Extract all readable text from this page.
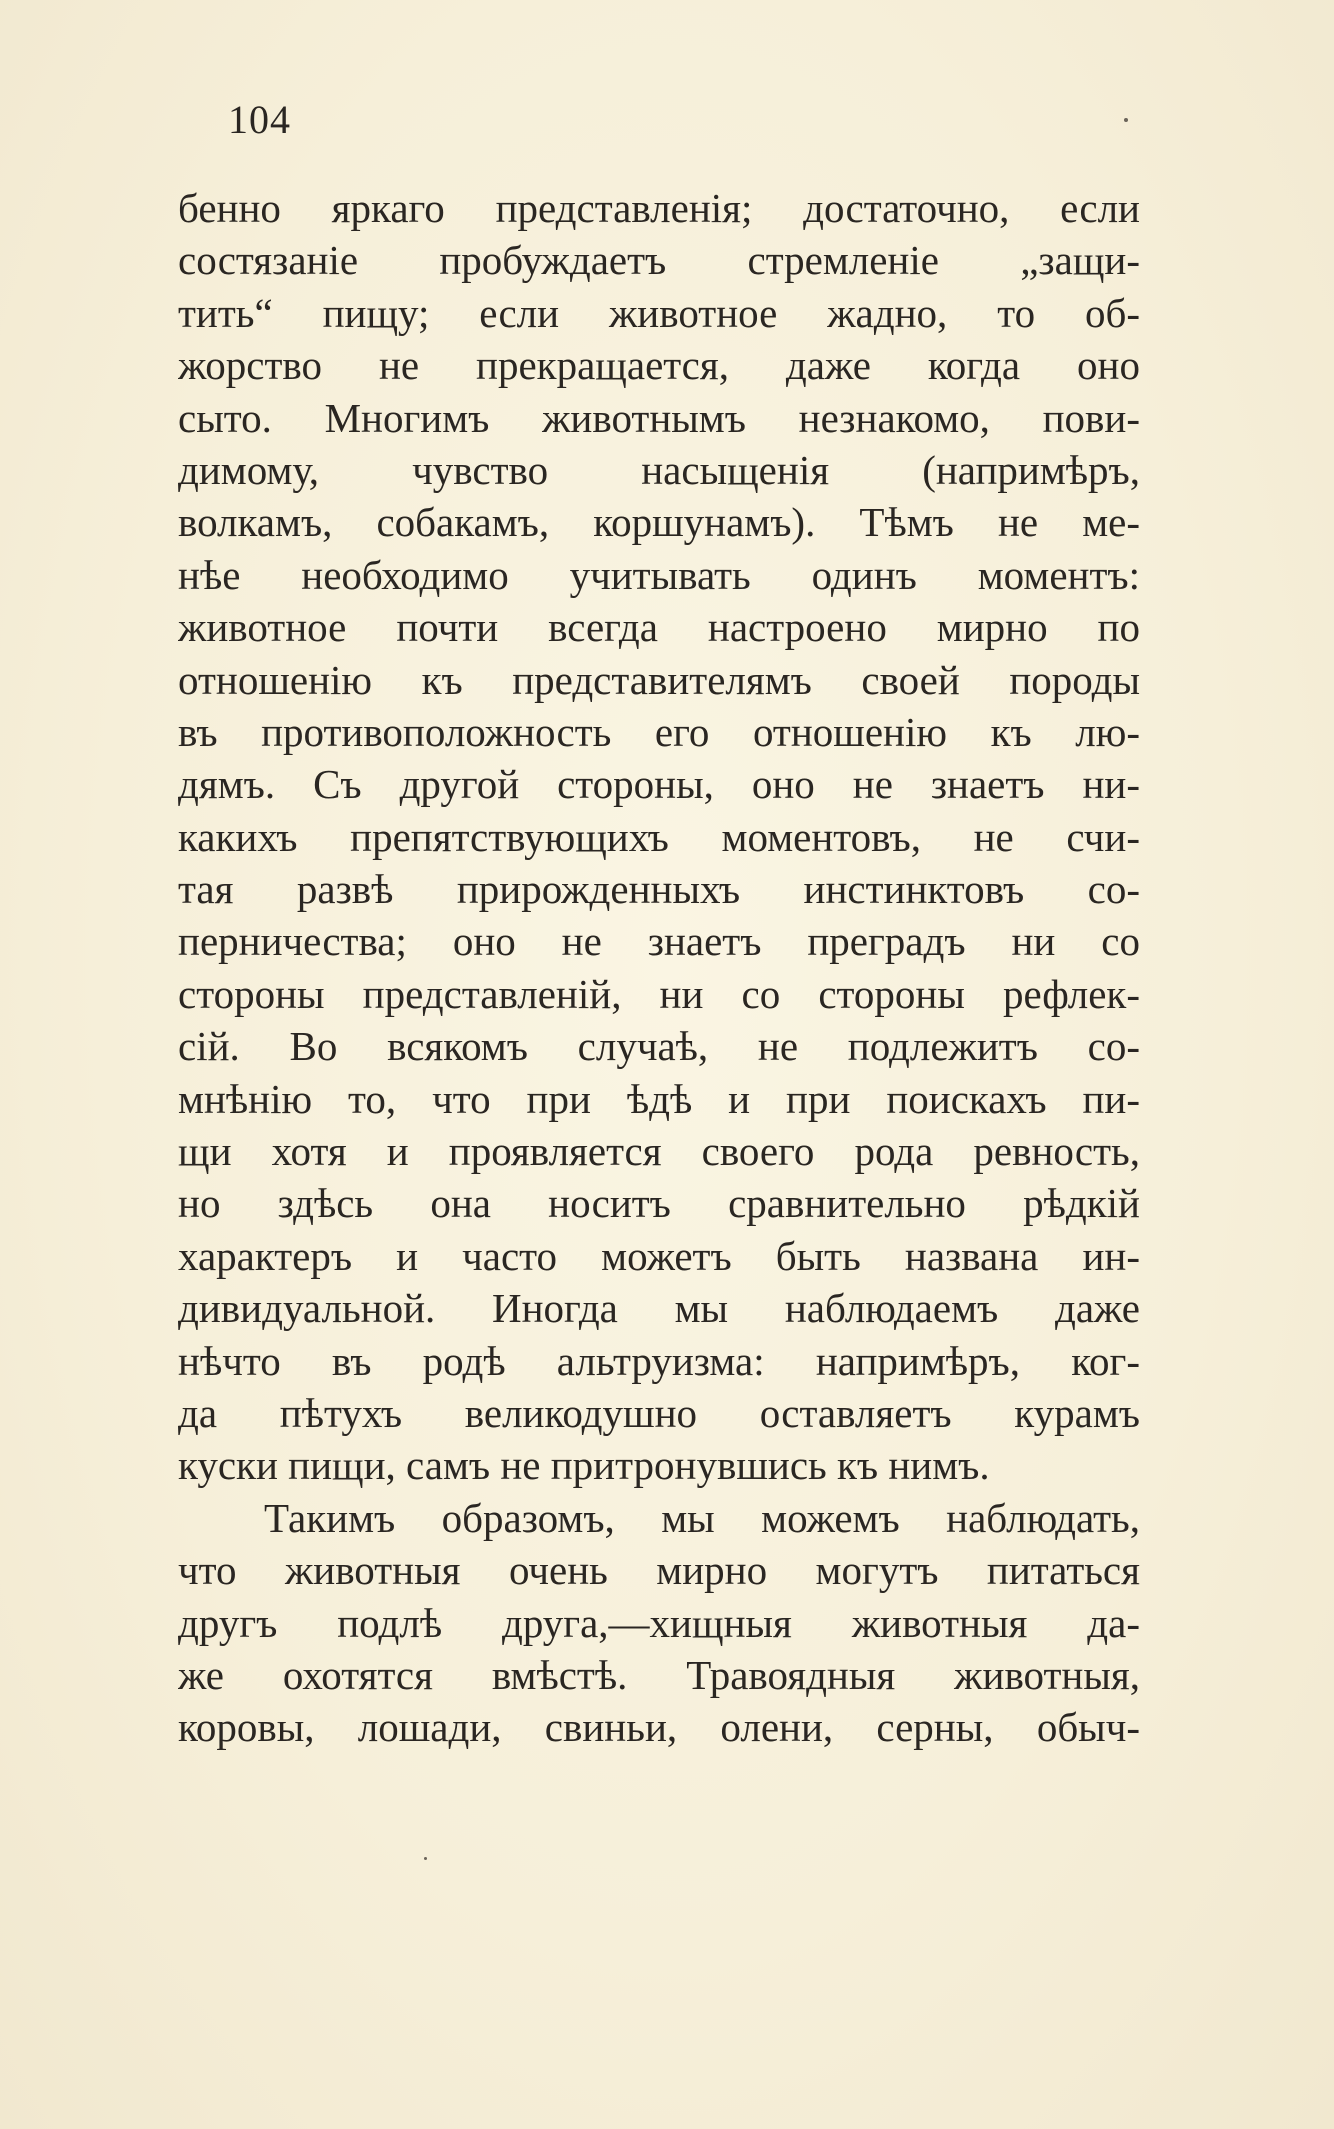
104
бенно яркаго представленія; достаточно, если
состязаніе пробуждаетъ стремленіе „защи-
тить“ пищу; если животное жадно, то об-
жорство не прекращается, даже когда оно
сыто. Многимъ животнымъ незнакомо, пови-
димому, чувство насыщенія (напримѣръ,
волкамъ, собакамъ, коршунамъ). Тѣмъ не ме-
нѣе необходимо учитывать одинъ моментъ:
животное почти всегда настроено мирно по
отношенію къ представителямъ своей породы
въ противоположность его отношенію къ лю-
дямъ. Съ другой стороны, оно не знаетъ ни-
какихъ препятствующихъ моментовъ, не счи-
тая развѣ прирожденныхъ инстинктовъ со-
перничества; оно не знаетъ преградъ ни со
стороны представленій, ни со стороны рефлек-
сій. Во всякомъ случаѣ, не подлежитъ со-
мнѣнію то, что при ѣдѣ и при поискахъ пи-
щи хотя и проявляется своего рода ревность,
но здѣсь она носитъ сравнительно рѣдкій
характеръ и часто можетъ быть названа ин-
дивидуальной. Иногда мы наблюдаемъ даже
нѣчто въ родѣ альтруизма: напримѣръ, ког-
да пѣтухъ великодушно оставляетъ курамъ
куски пищи, самъ не притронувшись къ нимъ.
Такимъ образомъ, мы можемъ наблюдать,
что животныя очень мирно могутъ питаться
другъ подлѣ друга,—хищныя животныя да-
же охотятся вмѣстѣ. Травоядныя животныя,
коровы, лошади, свиньи, олени, серны, обыч-
